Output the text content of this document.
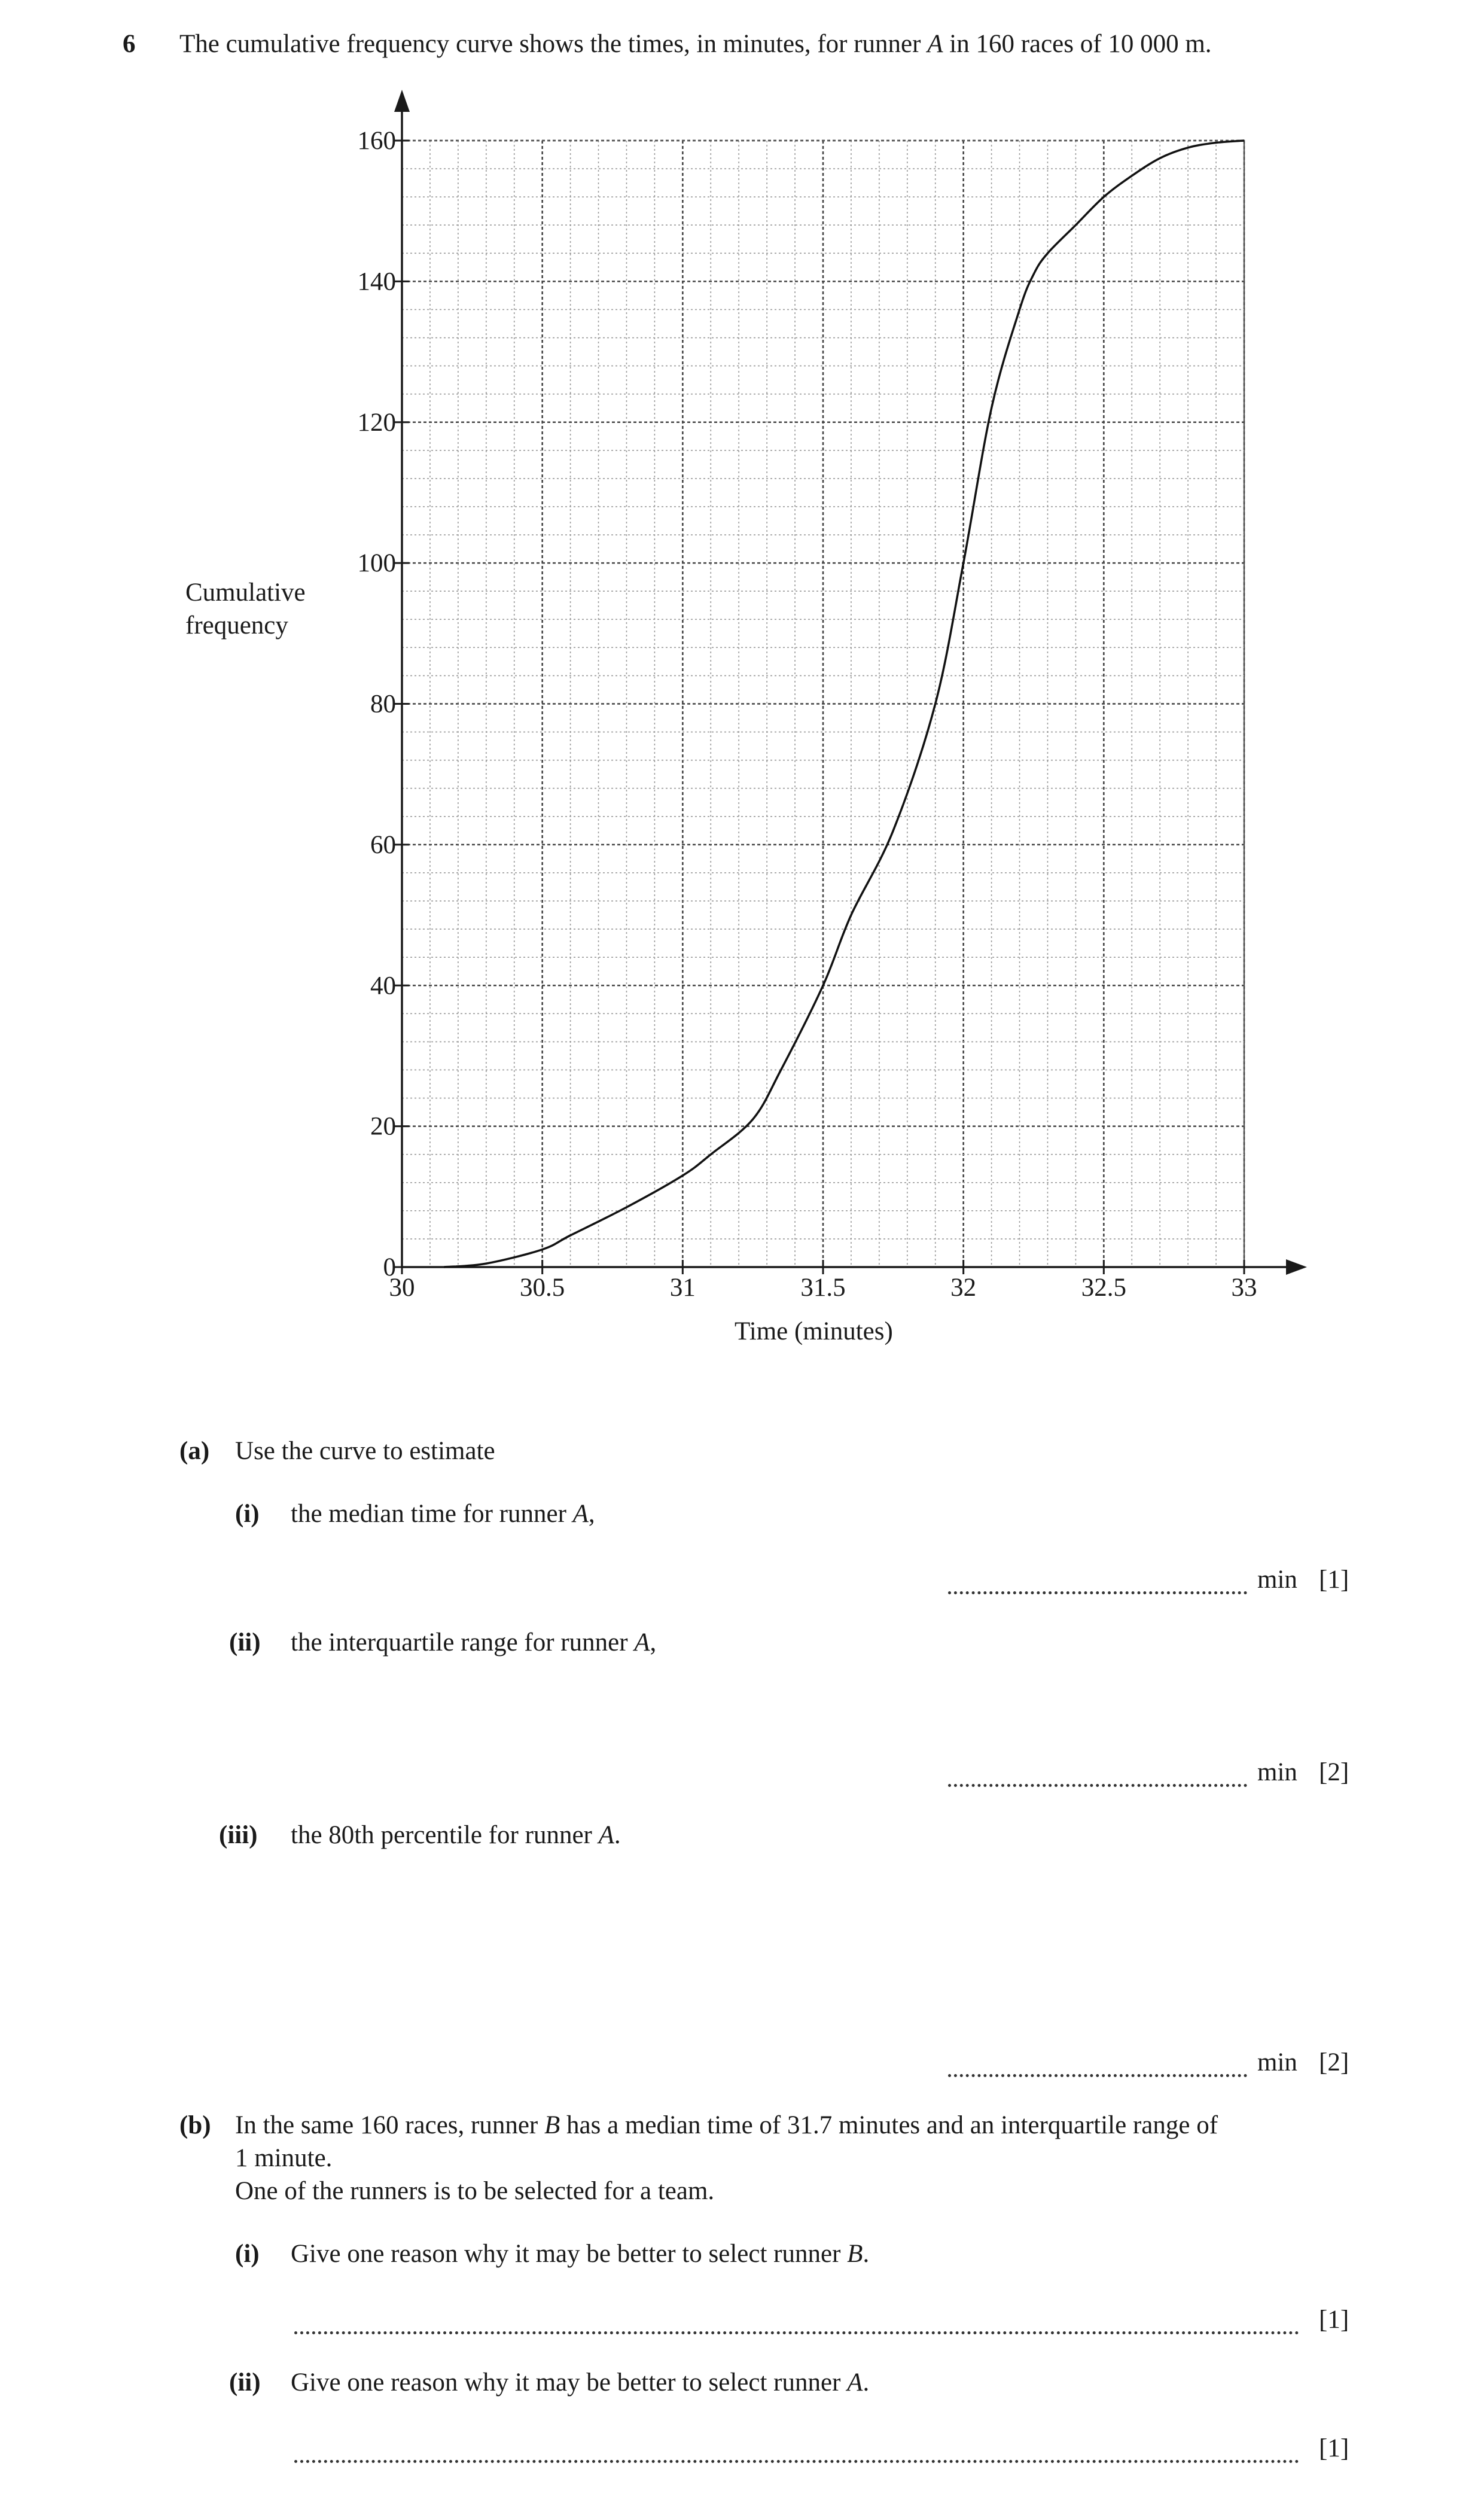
6 The cumulative frequency curve shows the times, in minutes, for runner A in 160 races of 10 000 m.
30	30.5	31	31.5	32	32.5	33
0
20
40
60
80
100
120
140
160
Cumulative
frequency
Time (minutes)
(a) Use the curve to estimate
(i) the median time for runner A,
min [1]
(ii) the interquartile range for runner A,
min [2]
(iii) the 80th percentile for runner A.
min [2]
(b) In the same 160 races, runner B has a median time of 31.7 minutes and an interquartile range of
1 minute.
One of the runners is to be selected for a team.
(i) Give one reason why it may be better to select runner B.
[1]
(ii) Give one reason why it may be better to select runner A.
[1]
